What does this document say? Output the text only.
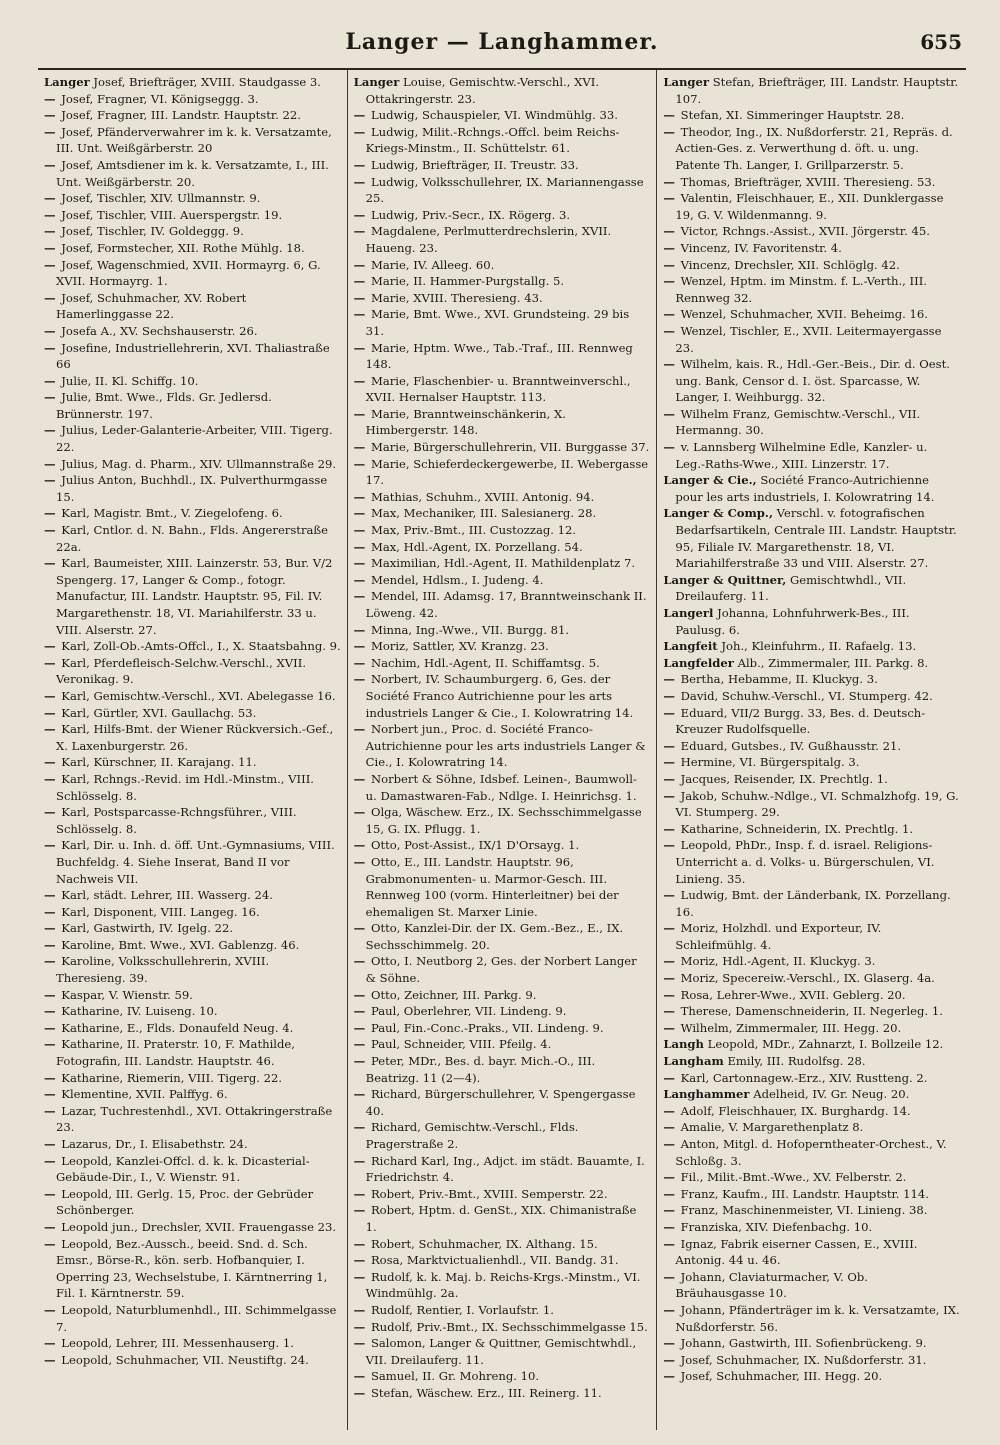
Langer — Langhammer.	655

Langer Josef, Briefträger, XVIII. Staudgasse 3.

— Josef, Fragner, VI. Königseggg. 3.

— Josef, Fragner, III. Landstr. Hauptstr. 22.

— Josef, Pfänderverwahrer im k. k. Versatzamte, III. Unt. Weißgärberstr. 20

— Josef, Amtsdiener im k. k. Versatzamte, I., III. Unt. Weißgärberstr. 20.

— Josef, Tischler, XIV. Ullmannstr. 9.

— Josef, Tischler, VIII. Auerspergstr. 19.

— Josef, Tischler, IV. Goldeggg. 9.

— Josef, Formstecher, XII. Rothe Mühlg. 18.

— Josef, Wagenschmied, XVII. Hormayrg. 6, G. XVII. Hormayrg. 1.

— Josef, Schuhmacher, XV. Robert Hamerlinggasse 22.

— Josefa A., XV. Sechshauserstr. 26.

— Josefine, Industriellehrerin, XVI. Thaliastraße 66

— Julie, II. Kl. Schiffg. 10.

— Julie, Bmt. Wwe., Flds. Gr. Jedlersd. Brünnerstr. 197.

— Julius, Leder-Galanterie-Arbeiter, VIII. Tigerg. 22.

— Julius, Mag. d. Pharm., XIV. Ullmannstraße 29.

— Julius Anton, Buchhdl., IX. Pulverthurmgasse 15.

— Karl, Magistr. Bmt., V. Ziegelofeng. 6.

— Karl, Cntlor. d. N. Bahn., Flds. Angererstraße 22a.

— Karl, Baumeister, XIII. Lainzerstr. 53, Bur. V/2 Spengerg. 17, Langer & Comp., fotogr. Manufactur, III. Landstr. Hauptstr. 95, Fil. IV. Margarethenstr. 18, VI. Mariahilferstr. 33 u. VIII. Alserstr. 27.

— Karl, Zoll-Ob.-Amts-Offcl., I., X. Staatsbahng. 9.

— Karl, Pferdefleisch-Selchw.-Verschl., XVII. Veronikag. 9.

— Karl, Gemischtw.-Verschl., XVI. Abelegasse 16.

— Karl, Gürtler, XVI. Gaullachg. 53.

— Karl, Hilfs-Bmt. der Wiener Rückversich.-Gef., X. Laxenburgerstr. 26.

— Karl, Kürschner, II. Karajang. 11.

— Karl, Rchngs.-Revid. im Hdl.-Minstm., VIII. Schlösselg. 8.

— Karl, Postsparcasse-Rchngsführer., VIII. Schlösselg. 8.

— Karl, Dir. u. Inh. d. öff. Unt.-Gymnasiums, VIII. Buchfeldg. 4. Siehe Inserat, Band II vor Nachweis VII.

— Karl, städt. Lehrer, III. Wasserg. 24.

— Karl, Disponent, VIII. Langeg. 16.

— Karl, Gastwirth, IV. Igelg. 22.

— Karoline, Bmt. Wwe., XVI. Gablenzg. 46.

— Karoline, Volksschullehrerin, XVIII. Theresieng. 39.

— Kaspar, V. Wienstr. 59.

— Katharine, IV. Luiseng. 10.

— Katharine, E., Flds. Donaufeld Neug. 4.

— Katharine, II. Praterstr. 10, F. Mathilde, Fotografin, III. Landstr. Hauptstr. 46.

— Katharine, Riemerin, VIII. Tigerg. 22.

— Klementine, XVII. Palffyg. 6.

— Lazar, Tuchrestenhdl., XVI. Ottakringerstraße 23.

— Lazarus, Dr., I. Elisabethstr. 24.

— Leopold, Kanzlei-Offcl. d. k. k. Dicasterial-Gebäude-Dir., I., V. Wienstr. 91.

— Leopold, III. Gerlg. 15, Proc. der Gebrüder Schönberger.

— Leopold jun., Drechsler, XVII. Frauengasse 23.

— Leopold, Bez.-Aussch., beeid. Snd. d. Sch. Emsr., Börse-R., kön. serb. Hofbanquier, I. Operring 23, Wechselstube, I. Kärntnerring 1, Fil. I. Kärntnerstr. 59.

— Leopold, Naturblumenhdl., III. Schimmelgasse 7.

— Leopold, Lehrer, III. Messenhauserg. 1.

— Leopold, Schuhmacher, VII. Neustiftg. 24.

Langer Louise, Gemischtw.-Verschl., XVI. Ottakringerstr. 23.

— Ludwig, Schauspieler, VI. Windmühlg. 33.

— Ludwig, Milit.-Rchngs.-Offcl. beim Reichs-Kriegs-Minstm., II. Schüttelstr. 61.

— Ludwig, Briefträger, II. Treustr. 33.

— Ludwig, Volksschullehrer, IX. Mariannengasse 25.

— Ludwig, Priv.-Secr., IX. Rögerg. 3.

— Magdalene, Perlmutterdrechslerin, XVII. Haueng. 23.

— Marie, IV. Alleeg. 60.

— Marie, II. Hammer-Purgstallg. 5.

— Marie, XVIII. Theresieng. 43.

— Marie, Bmt. Wwe., XVI. Grundsteing. 29 bis 31.

— Marie, Hptm. Wwe., Tab.-Traf., III. Rennweg 148.

— Marie, Flaschenbier- u. Branntweinverschl., XVII. Hernalser Hauptstr. 113.

— Marie, Branntweinschänkerin, X. Himbergerstr. 148.

— Marie, Bürgerschullehrerin, VII. Burggasse 37.

— Marie, Schieferdeckergewerbe, II. Webergasse 17.

— Mathias, Schuhm., XVIII. Antonig. 94.

— Max, Mechaniker, III. Salesianerg. 28.

— Max, Priv.-Bmt., III. Custozzag. 12.

— Max, Hdl.-Agent, IX. Porzellang. 54.

— Maximilian, Hdl.-Agent, II. Mathildenplatz 7.

— Mendel, Hdlsm., I. Judeng. 4.

— Mendel, III. Adamsg. 17, Branntweinschank II. Löweng. 42.

— Minna, Ing.-Wwe., VII. Burgg. 81.

— Moriz, Sattler, XV. Kranzg. 23.

— Nachim, Hdl.-Agent, II. Schiffamtsg. 5.

— Norbert, IV. Schaumburgerg. 6, Ges. der Société Franco Autrichienne pour les arts industriels Langer & Cie., I. Kolowratring 14.

— Norbert jun., Proc. d. Société Franco-Autrichienne pour les arts industriels Langer & Cie., I. Kolowratring 14.

— Norbert & Söhne, Idsbef. Leinen-, Baumwoll- u. Damastwaren-Fab., Ndlge. I. Heinrichsg. 1.

— Olga, Wäschew. Erz., IX. Sechsschimmelgasse 15, G. IX. Pflugg. 1.

— Otto, Post-Assist., IX/1 D'Orsayg. 1.

— Otto, E., III. Landstr. Hauptstr. 96, Grabmonumenten- u. Marmor-Gesch. III. Rennweg 100 (vorm. Hinterleitner) bei der ehemaligen St. Marxer Linie.

— Otto, Kanzlei-Dir. der IX. Gem.-Bez., E., IX. Sechsschimmelg. 20.

— Otto, I. Neutborg 2, Ges. der Norbert Langer & Söhne.

— Otto, Zeichner, III. Parkg. 9.

— Paul, Oberlehrer, VII. Lindeng. 9.

— Paul, Fin.-Conc.-Praks., VII. Lindeng. 9.

— Paul, Schneider, VIII. Pfeilg. 4.

— Peter, MDr., Bes. d. bayr. Mich.-O., III. Beatrizg. 11 (2—4).

— Richard, Bürgerschullehrer, V. Spengergasse 40.

— Richard, Gemischtw.-Verschl., Flds. Pragerstraße 2.

— Richard Karl, Ing., Adjct. im städt. Bauamte, I. Friedrichstr. 4.

— Robert, Priv.-Bmt., XVIII. Semperstr. 22.

— Robert, Hptm. d. GenSt., XIX. Chimanistraße 1.

— Robert, Schuhmacher, IX. Althang. 15.

— Rosa, Marktvictualienhdl., VII. Bandg. 31.

— Rudolf, k. k. Maj. b. Reichs-Krgs.-Minstm., VI. Windmühlg. 2a.

— Rudolf, Rentier, I. Vorlaufstr. 1.

— Rudolf, Priv.-Bmt., IX. Sechsschimmelgasse 15.

— Salomon, Langer & Quittner, Gemischtwhdl., VII. Dreilauferg. 11.

— Samuel, II. Gr. Mohreng. 10.

— Stefan, Wäschew. Erz., III. Reinerg. 11.

Langer Stefan, Briefträger, III. Landstr. Hauptstr. 107.

— Stefan, XI. Simmeringer Hauptstr. 28.

— Theodor, Ing., IX. Nußdorferstr. 21, Repräs. d. Actien-Ges. z. Verwerthung d. öft. u. ung. Patente Th. Langer, I. Grillparzerstr. 5.

— Thomas, Briefträger, XVIII. Theresieng. 53.

— Valentin, Fleischhauer, E., XII. Dunklergasse 19, G. V. Wildenmanng. 9.

— Victor, Rchngs.-Assist., XVII. Jörgerstr. 45.

— Vincenz, IV. Favoritenstr. 4.

— Vincenz, Drechsler, XII. Schlöglg. 42.

— Wenzel, Hptm. im Minstm. f. L.-Verth., III. Rennweg 32.

— Wenzel, Schuhmacher, XVII. Beheimg. 16.

— Wenzel, Tischler, E., XVII. Leitermayergasse 23.

— Wilhelm, kais. R., Hdl.-Ger.-Beis., Dir. d. Oest. ung. Bank, Censor d. I. öst. Sparcasse, W. Langer, I. Weihburgg. 32.

— Wilhelm Franz, Gemischtw.-Verschl., VII. Hermanng. 30.

— v. Lannsberg Wilhelmine Edle, Kanzler- u. Leg.-Raths-Wwe., XIII. Linzerstr. 17.

Langer & Cie., Société Franco-Autrichienne pour les arts industriels, I. Kolowratring 14.

Langer & Comp., Verschl. v. fotografischen Bedarfsartikeln, Centrale III. Landstr. Hauptstr. 95, Filiale IV. Margarethenstr. 18, VI. Mariahilferstraße 33 und VIII. Alserstr. 27.

Langer & Quittner, Gemischtwhdl., VII. Dreilauferg. 11.

Langerl Johanna, Lohnfuhrwerk-Bes., III. Paulusg. 6.

Langfeit Joh., Kleinfuhrm., II. Rafaelg. 13.

Langfelder Alb., Zimmermaler, III. Parkg. 8.

— Bertha, Hebamme, II. Kluckyg. 3.

— David, Schuhw.-Verschl., VI. Stumperg. 42.

— Eduard, VII/2 Burgg. 33, Bes. d. Deutsch-Kreuzer Rudolfsquelle.

— Eduard, Gutsbes., IV. Gußhausstr. 21.

— Hermine, VI. Bürgerspitalg. 3.

— Jacques, Reisender, IX. Prechtlg. 1.

— Jakob, Schuhw.-Ndlge., VI. Schmalzhofg. 19, G. VI. Stumperg. 29.

— Katharine, Schneiderin, IX. Prechtlg. 1.

— Leopold, PhDr., Insp. f. d. israel. Religions-Unterricht a. d. Volks- u. Bürgerschulen, VI. Linieng. 35.

— Ludwig, Bmt. der Länderbank, IX. Porzellang. 16.

— Moriz, Holzhdl. und Exporteur, IV. Schleifmühlg. 4.

— Moriz, Hdl.-Agent, II. Kluckyg. 3.

— Moriz, Specereiw.-Verschl., IX. Glaserg. 4a.

— Rosa, Lehrer-Wwe., XVII. Geblerg. 20.

— Therese, Damenschneiderin, II. Negerleg. 1.

— Wilhelm, Zimmermaler, III. Hegg. 20.

Langh Leopold, MDr., Zahnarzt, I. Bollzeile 12.

Langham Emily, III. Rudolfsg. 28.

— Karl, Cartonnagew.-Erz., XIV. Rustteng. 2.

Langhammer Adelheid, IV. Gr. Neug. 20.

— Adolf, Fleischhauer, IX. Burghardg. 14.

— Amalie, V. Margarethenplatz 8.

— Anton, Mitgl. d. Hofoperntheater-Orchest., V. Schloßg. 3.

— Fil., Milit.-Bmt.-Wwe., XV. Felberstr. 2.

— Franz, Kaufm., III. Landstr. Hauptstr. 114.

— Franz, Maschinenmeister, VI. Linieng. 38.

— Franziska, XIV. Diefenbachg. 10.

— Ignaz, Fabrik eiserner Cassen, E., XVIII. Antonig. 44 u. 46.

— Johann, Claviaturmacher, V. Ob. Bräuhausgasse 10.

— Johann, Pfänderträger im k. k. Versatzamte, IX. Nußdorferstr. 56.

— Johann, Gastwirth, III. Sofienbrückeng. 9.

— Josef, Schuhmacher, IX. Nußdorferstr. 31.

— Josef, Schuhmacher, III. Hegg. 20.
